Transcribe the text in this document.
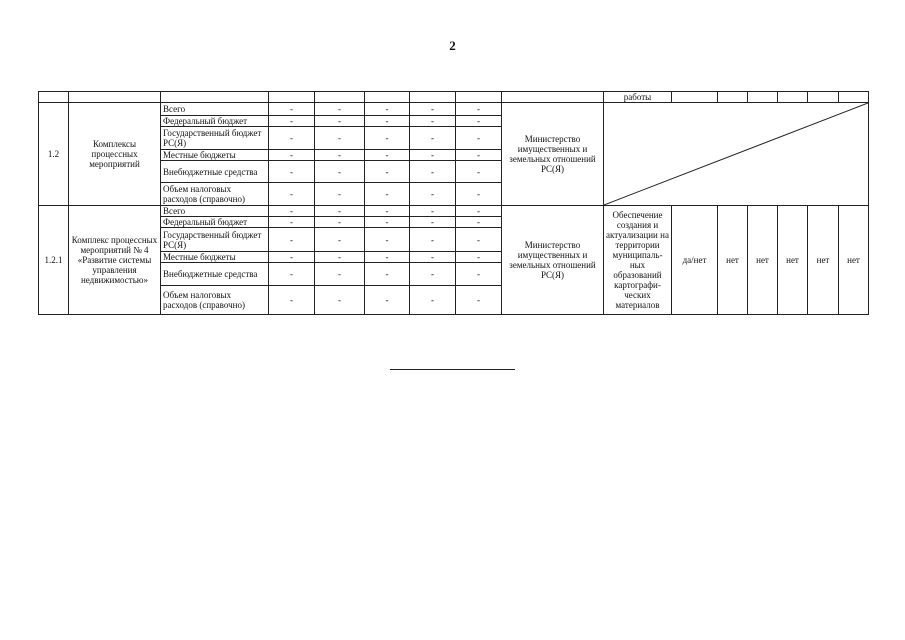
2
									работы						
1.2	Комплексы процессных мероприятий	Всего	-	-	-	-	-	Министерство имущественных и земельных отношений РС(Я)	

		Федеральный бюджет	-	-	-	-	-								
		Государственный бюджет РС(Я)	-	-	-	-	-								
		Местные бюджеты	-	-	-	-	-								
		Внебюджетные средства	-	-	-	-	-								
		Объем налоговых расходов (справочно)	-	-	-	-	-								
1.2.1	Комплекс процессных мероприятий № 4 «Развитие системы управления недвижимостью»	Всего	-	-	-	-	-	Министерство имущественных и земельных отношений РС(Я)	Обеспечение создания и актуализации на территории муниципаль-ных образований картографи-ческих материалов	да/нет	нет	нет	нет	нет	нет
		Федеральный бюджет	-	-	-	-	-								
		Государственный бюджет РС(Я)	-	-	-	-	-								
		Местные бюджеты	-	-	-	-	-								
		Внебюджетные средства	-	-	-	-	-								
		Объем налоговых расходов (справочно)	-	-	-	-	-								
